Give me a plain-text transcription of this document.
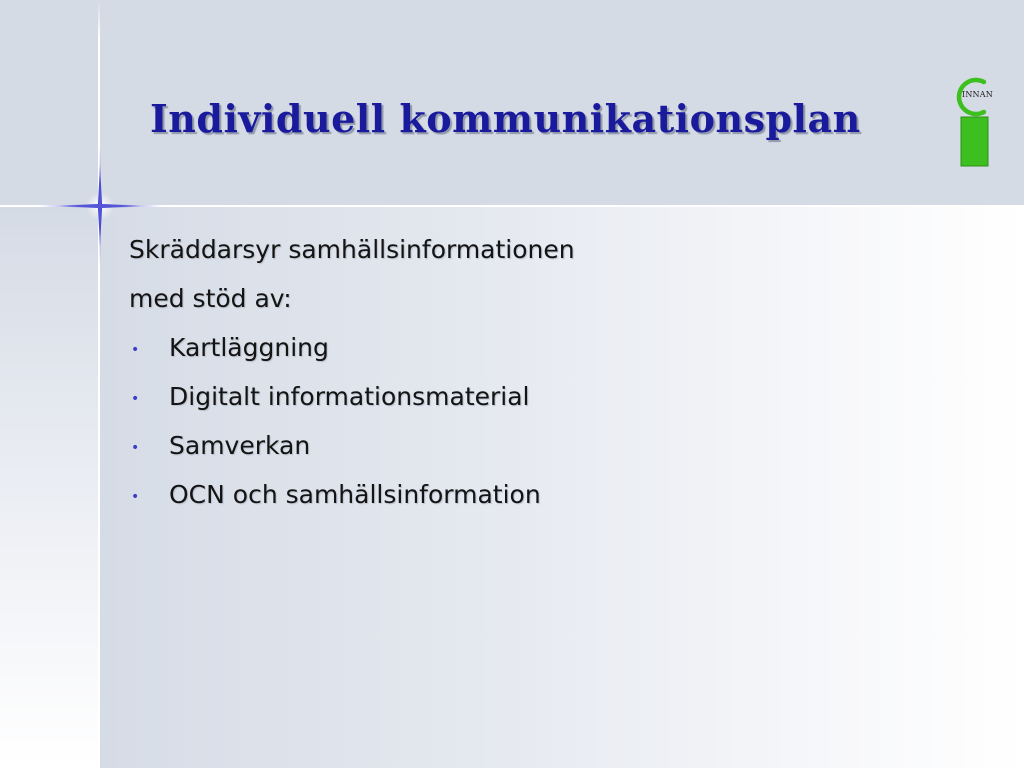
Individuell kommunikationsplan
INNAN
Skräddarsyr samhällsinformationen
med stöd av:
• Kartläggning
• Digitalt informationsmaterial
• Samverkan
• OCN och samhällsinformation
